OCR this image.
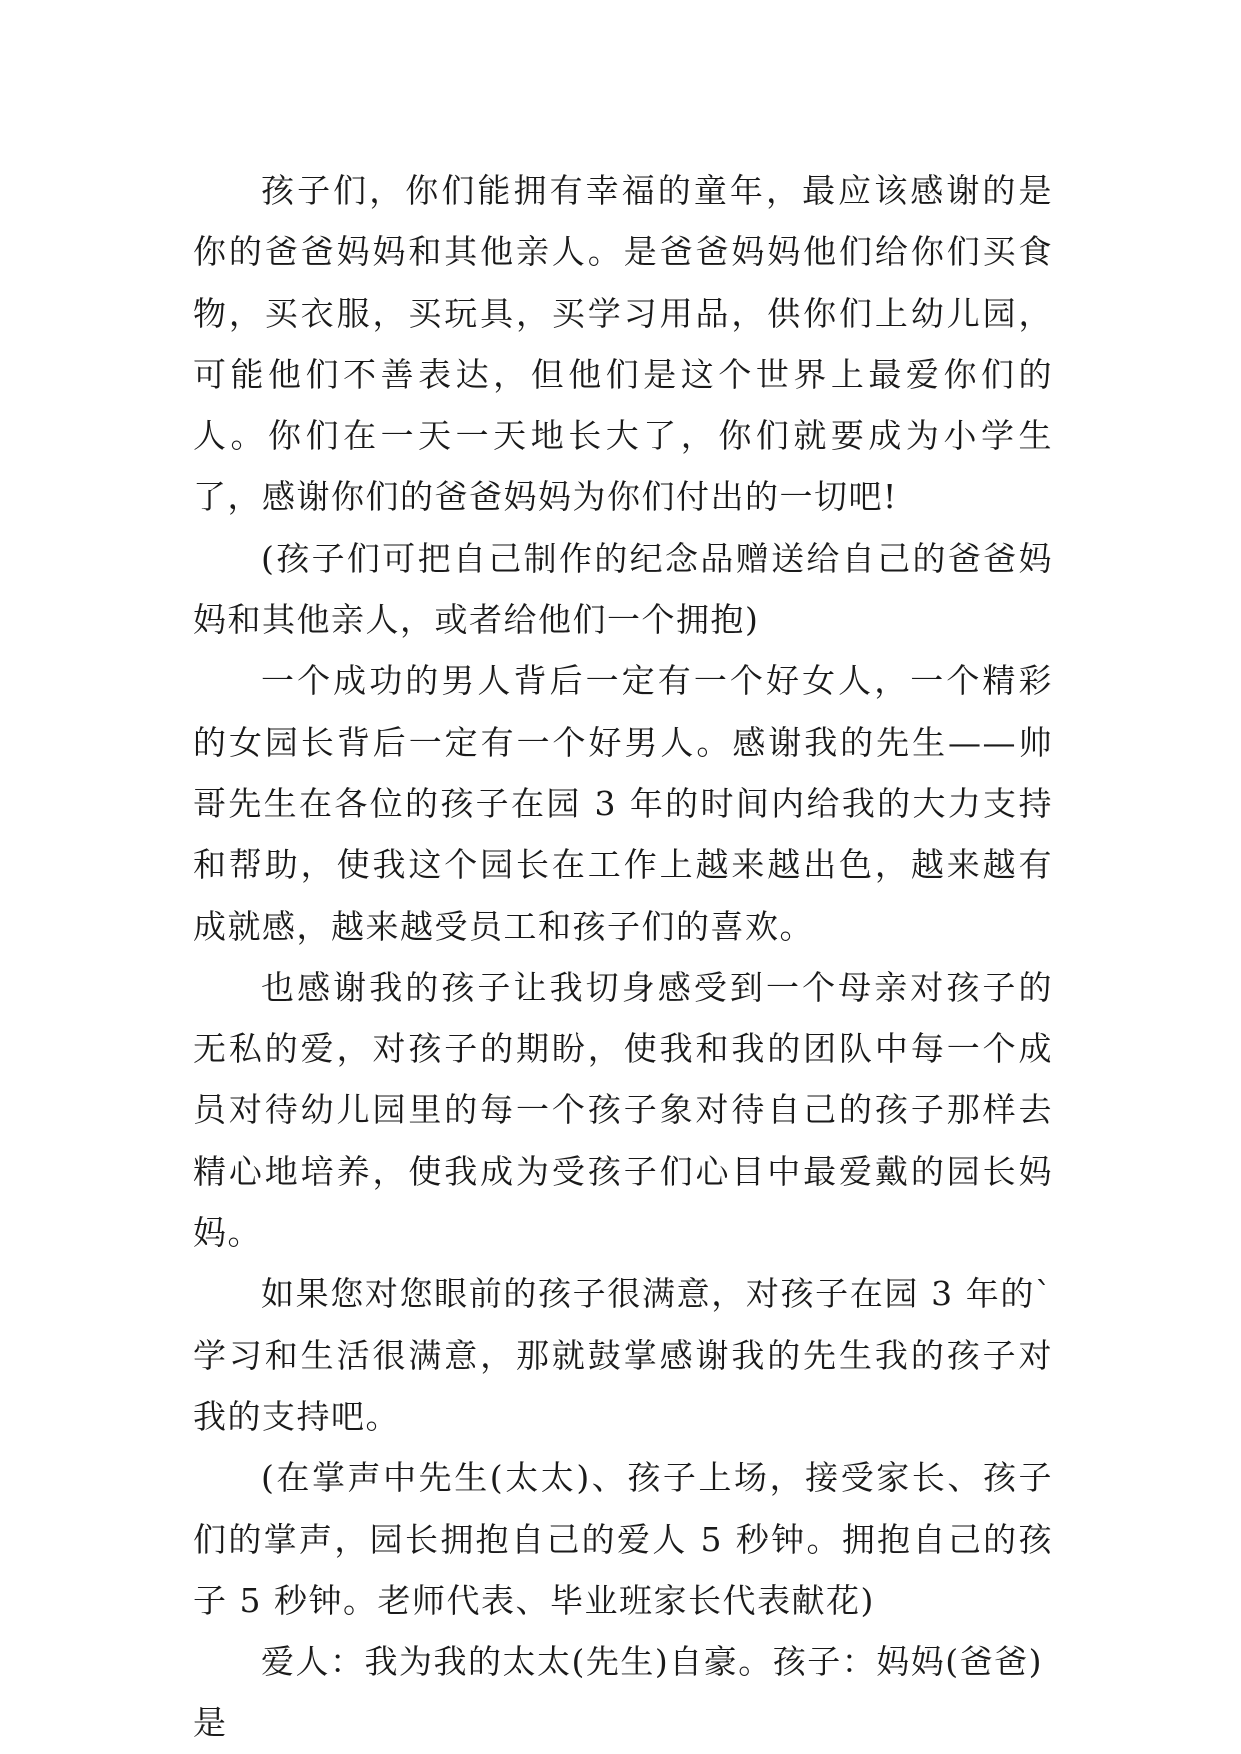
孩子们，你们能拥有幸福的童年，最应该感谢的是你的爸爸妈妈和其他亲人。是爸爸妈妈他们给你们买食物，买衣服，买玩具，买学习用品，供你们上幼儿园，可能他们不善表达，但他们是这个世界上最爱你们的人。你们在一天一天地长大了，你们就要成为小学生了，感谢你们的爸爸妈妈为你们付出的一切吧!

(孩子们可把自己制作的纪念品赠送给自己的爸爸妈妈和其他亲人，或者给他们一个拥抱)

一个成功的男人背后一定有一个好女人，一个精彩的女园长背后一定有一个好男人。感谢我的先生——帅哥先生在各位的孩子在园 3 年的时间内给我的大力支持和帮助，使我这个园长在工作上越来越出色，越来越有成就感，越来越受员工和孩子们的喜欢。

也感谢我的孩子让我切身感受到一个母亲对孩子的无私的爱，对孩子的期盼，使我和我的团队中每一个成员对待幼儿园里的每一个孩子象对待自己的孩子那样去精心地培养，使我成为受孩子们心目中最爱戴的园长妈妈。

如果您对您眼前的孩子很满意，对孩子在园 3 年的`学习和生活很满意，那就鼓掌感谢我的先生我的孩子对我的支持吧。

(在掌声中先生(太太)、孩子上场，接受家长、孩子们的掌声，园长拥抱自己的爱人 5 秒钟。拥抱自己的孩子 5 秒钟。老师代表、毕业班家长代表献花)

爱人：我为我的太太(先生)自豪。孩子：妈妈(爸爸)是
